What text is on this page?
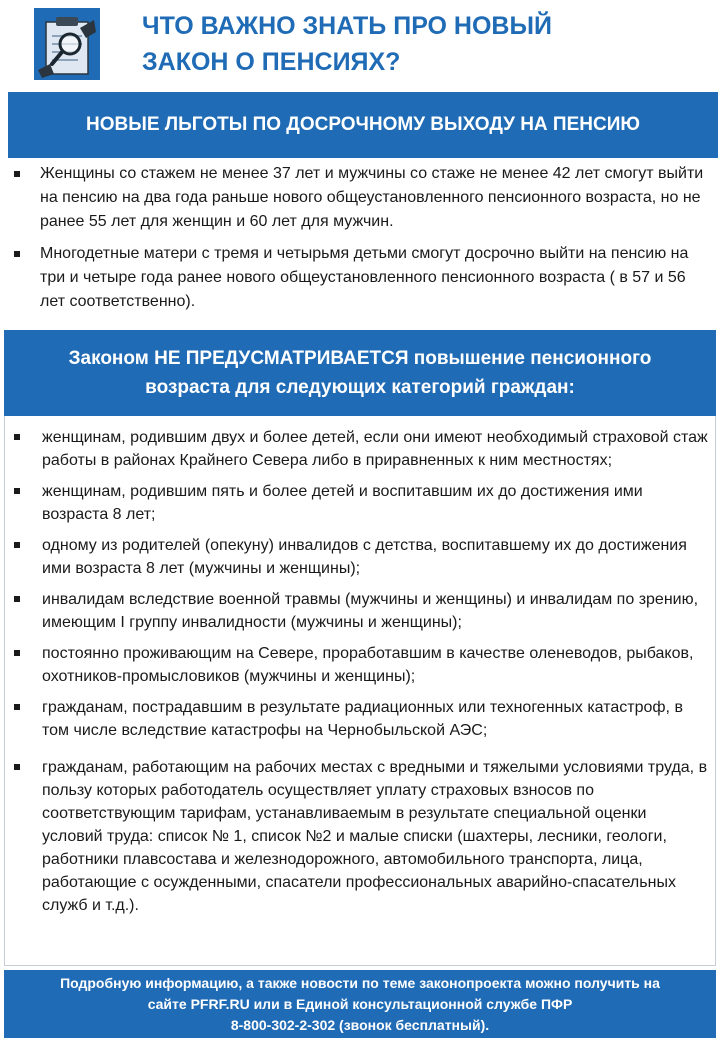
ЧТО ВАЖНО ЗНАТЬ ПРО НОВЫЙ
ЗАКОН О ПЕНСИЯХ?
НОВЫЕ ЛЬГОТЫ ПО ДОСРОЧНОМУ ВЫХОДУ НА ПЕНСИЮ
Женщины со стажем не менее 37 лет и мужчины со стаже не менее 42 лет смогут выйти на пенсию на два года раньше нового общеустановленного пенсионного возраста, но не ранее 55 лет для женщин и 60 лет для мужчин.
Многодетные матери с тремя и четырьмя детьми смогут досрочно выйти на пенсию на три и четыре года ранее нового общеустановленного пенсионного возраста ( в 57 и 56 лет соответственно).
Законом НЕ ПРЕДУСМАТРИВАЕТСЯ повышение пенсионного
возраста для следующих категорий граждан:
женщинам, родившим двух и более детей, если они имеют необходимый страховой стаж работы в районах Крайнего Севера либо в приравненных к ним местностях;
женщинам, родившим пять и более детей и воспитавшим их до достижения ими возраста 8 лет;
одному из родителей (опекуну) инвалидов с детства, воспитавшему их до достижения ими возраста 8 лет (мужчины и женщины);
инвалидам вследствие военной травмы (мужчины и женщины) и инвалидам по зрению, имеющим I группу инвалидности (мужчины и женщины);
постоянно проживающим на Севере, проработавшим в качестве оленеводов, рыбаков, охотников-промысловиков (мужчины и женщины);
гражданам, пострадавшим в результате радиационных или техногенных катастроф, в том числе вследствие катастрофы на Чернобыльской АЭС;
гражданам, работающим на рабочих местах с вредными и тяжелыми условиями труда, в пользу которых работодатель осуществляет уплату страховых взносов по соответствующим тарифам, устанавливаемым в результате специальной оценки условий труда: список № 1, список №2 и малые списки (шахтеры, лесники, геологи, работники плавсостава и железнодорожного, автомобильного транспорта, лица, работающие с осужденными, спасатели профессиональных аварийно-спасательных служб и т.д.).
Подробную информацию, а также новости по теме законопроекта можно получить на
сайте PFRF.RU или в Единой консультационной службе ПФР
8-800-302-2-302 (звонок бесплатный).
